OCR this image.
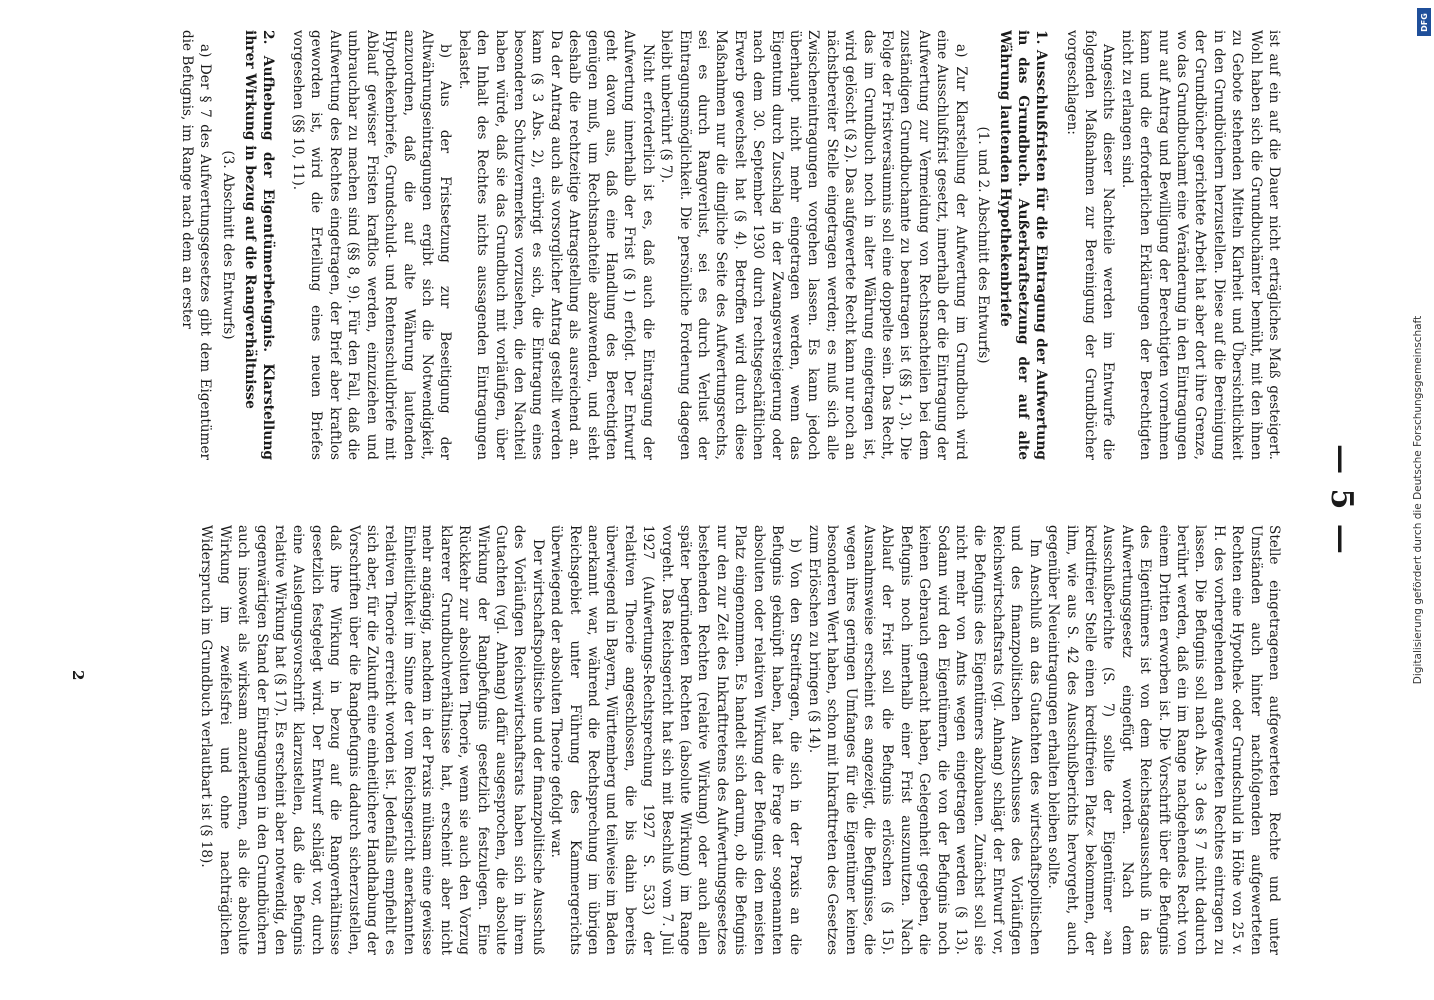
— 5 —

ist auf ein auf die Dauer nicht erträgliches Maß gesteigert. Wohl haben sich die Grundbuchämter bemüht, mit den ihnen zu Gebote stehenden Mitteln Klarheit und Übersichtlichkeit in den Grundbüchern herzustellen. Diese auf die Bereinigung der Grundbücher gerichtete Arbeit hat aber dort ihre Grenze, wo das Grundbuchamt eine Veränderung in den Eintragungen nur auf Antrag und Bewilligung der Berechtigten vornehmen kann und die erforderlichen Erklärungen der Berechtigten nicht zu erlangen sind.

Angesichts dieser Nachteile werden im Entwurfe die folgenden Maßnahmen zur Bereinigung der Grundbücher vorgeschlagen:

1. Ausschlußfristen für die Eintragung der Aufwertung in das Grundbuch. Außerkraftsetzung der auf alte Währung lautenden Hypothekenbriefe
(1. und 2. Abschnitt des Entwurfs)

a) Zur Klarstellung der Aufwertung im Grundbuch wird eine Ausschlußfrist gesetzt, innerhalb der die Eintragung der Aufwertung zur Vermeidung von Rechtsnachteilen bei dem zuständigen Grundbuchamte zu beantragen ist (§§ 1, 3). Die Folge der Fristversäumnis soll eine doppelte sein. Das Recht, das im Grundbuch noch in alter Währung eingetragen ist, wird gelöscht (§ 2). Das aufgewertete Recht kann nur noch an nächstbereiter Stelle eingetragen werden; es muß sich alle Zwischeneintragungen vorgehen lassen. Es kann jedoch überhaupt nicht mehr eingetragen werden, wenn das Eigentum durch Zuschlag in der Zwangsversteigerung oder nach dem 30. September 1930 durch rechtsgeschäftlichen Erwerb gewechselt hat (§ 4). Betroffen wird durch diese Maßnahmen nur die dingliche Seite des Aufwertungsrechts, sei es durch Rangverlust, sei es durch Verlust der Eintragungsmöglichkeit. Die persönliche Forderung dagegen bleibt unberührt (§ 7).

Nicht erforderlich ist es, daß auch die Eintragung der Aufwertung innerhalb der Frist (§ 1) erfolgt. Der Entwurf geht davon aus, daß eine Handlung des Berechtigten genügen muß, um Rechtsnachteile abzuwenden, und sieht deshalb die rechtzeitige Antragstellung als ausreichend an. Da der Antrag auch als vorsorglicher Antrag gestellt werden kann (§ 3 Abs. 2), erübrigt es sich, die Eintragung eines besonderen Schutzvermerkes vorzusehen, die den Nachteil haben würde, daß sie das Grundbuch mit vorläufigen, über den Inhalt des Rechtes nichts aussagenden Eintragungen belastet.

b) Aus der Fristsetzung zur Beseitigung der Altwährungseintragungen ergibt sich die Notwendigkeit, anzuordnen, daß die auf alte Währung lautenden Hypothekenbriefe, Grundschuld- und Rentenschuldbriefe mit Ablauf gewisser Fristen kraftlos werden, einzuziehen und unbrauchbar zu machen sind (§§ 8, 9). Für den Fall, daß die Aufwertung des Rechtes eingetragen, der Brief aber kraftlos geworden ist, wird die Erteilung eines neuen Briefes vorgesehen (§§ 10, 11).

2. Aufhebung der Eigentümerbefugnis. Klarstellung ihrer Wirkung in bezug auf die Rangverhältnisse
(3. Abschnitt des Entwurfs)

a) Der § 7 des Aufwertungsgesetzes gibt dem Eigentümer die Befugnis, im Range nach dem an erster

Stelle eingetragenen aufgewerteten Rechte und unter Umständen auch hinter nachfolgenden aufgewerteten Rechten eine Hypothek- oder Grundschuld in Höhe von 25 v. H. des vorhergehenden aufgewerteten Rechtes eintragen zu lassen. Die Befugnis soll nach Abs. 3 des § 7 nicht dadurch berührt werden, daß ein im Range nachgehendes Recht von einem Dritten erworben ist. Die Vorschrift über die Befugnis des Eigentümers ist von dem Reichstagsausschuß in das Aufwertungsgesetz eingefügt worden. Nach dem Ausschußberichte (S. 7) sollte der Eigentümer »an kreditfreier Stelle einen kreditfreien Platz« bekommen, der ihm, wie aus S. 42 des Ausschußberichts hervorgeht, auch gegenüber Neueintragungen erhalten bleiben sollte.

Im Anschluß an das Gutachten des wirtschaftspolitischen und des finanzpolitischen Ausschusses des Vorläufigen Reichswirtschaftsrats (vgl. Anhang) schlägt der Entwurf vor, die Befugnis des Eigentümers abzubauen. Zunächst soll sie nicht mehr von Amts wegen eingetragen werden (§ 13). Sodann wird den Eigentümern, die von der Befugnis noch keinen Gebrauch gemacht haben, Gelegenheit gegeben, die Befugnis noch innerhalb einer Frist auszunutzen. Nach Ablauf der Frist soll die Befugnis erlöschen (§ 15). Ausnahmsweise erscheint es angezeigt, die Befugnisse, die wegen ihres geringen Umfanges für die Eigentümer keinen besonderen Wert haben, schon mit Inkrafttreten des Gesetzes zum Erlöschen zu bringen (§ 14).

b) Von den Streitfragen, die sich in der Praxis an die Befugnis geknüpft haben, hat die Frage der sogenannten absoluten oder relativen Wirkung der Befugnis den meisten Platz eingenommen. Es handelt sich darum, ob die Befugnis nur den zur Zeit des Inkrafttretens des Aufwertungsgesetzes bestehenden Rechten (relative Wirkung) oder auch allen später begründeten Rechten (absolute Wirkung) im Range vorgeht. Das Reichsgericht hat sich mit Beschluß vom 7. Juli 1927 (Aufwertungs-Rechtsprechung 1927 S. 533) der relativen Theorie angeschlossen, die bis dahin bereits überwiegend in Bayern, Württemberg und teilweise im Baden anerkannt war, während die Rechtsprechung im übrigen Reichsgebiet unter Führung des Kammergerichts überwiegend der absoluten Theorie gefolgt war.

Der wirtschaftspolitische und der finanzpolitische Ausschuß des Vorläufigen Reichswirtschaftsrats haben sich in ihrem Gutachten (vgl. Anhang) dafür ausgesprochen, die absolute Wirkung der Rangbefugnis gesetzlich festzulegen. Eine Rückkehr zur absoluten Theorie, wenn sie auch den Vorzug klarerer Grundbuchverhältnisse hat, erscheint aber nicht mehr angängig, nachdem in der Praxis mühsam eine gewisse Einheitlichkeit im Sinne der vom Reichsgericht anerkannten relativen Theorie erreicht worden ist. Jedenfalls empfiehlt es sich aber, für die Zukunft eine einheitlichere Handhabung der Vorschriften über die Rangbefugnis dadurch sicherzustellen, daß ihre Wirkung in bezug auf die Rangverhältnisse gesetzlich festgelegt wird. Der Entwurf schlägt vor, durch eine Auslegungsvorschrift klarzustellen, daß die Befugnis relative Wirkung hat (§ 17). Es erscheint aber notwendig, den gegenwärtigen Stand der Eintragungen in den Grundbüchern auch insoweit als wirksam anzuerkennen, als die absolute Wirkung im zweifelsfrei und ohne nachträglichen Widerspruch im Grundbuch verlautbart ist (§ 18).

2
DFG
Digitalisierung gefördert durch die Deutsche Forschungsgemeinschaft
